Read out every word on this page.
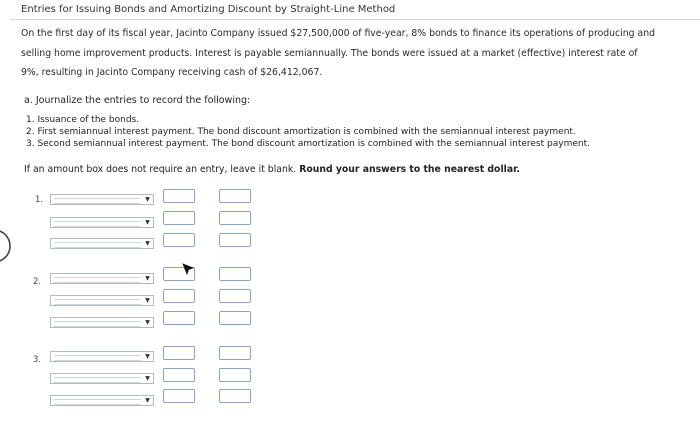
Entries for Issuing Bonds and Amortizing Discount by Straight-Line Method
On the first day of its fiscal year, Jacinto Company issued $27,500,000 of five-year, 8% bonds to finance its operations of producing and
selling home improvement products. Interest is payable semiannually. The bonds were issued at a market (effective) interest rate of
9%, resulting in Jacinto Company receiving cash of $26,412,067.
a. Journalize the entries to record the following:
1. Issuance of the bonds.
2. First semiannual interest payment. The bond discount amortization is combined with the semiannual interest payment.
3. Second semiannual interest payment. The bond discount amortization is combined with the semiannual interest payment.
If an amount box does not require an entry, leave it blank. Round your answers to the nearest dollar.
1.	▼
▼
▼
2.	▼
▼
▼
3.	▼
▼
▼
